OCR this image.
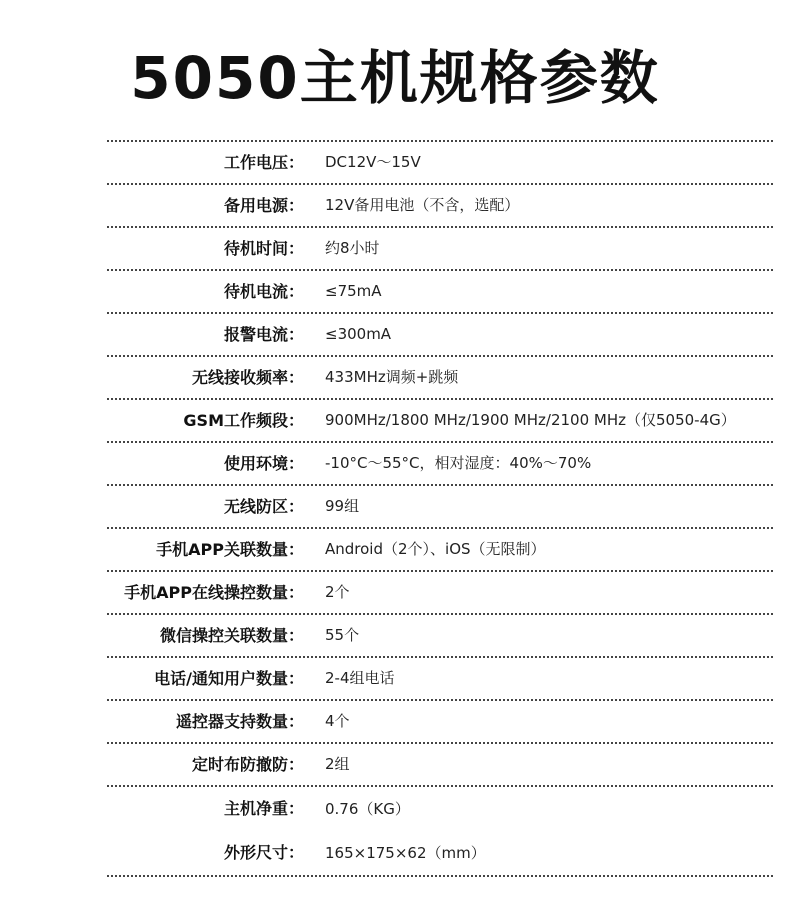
5050主机规格参数
工作电压： DC12V～15V
备用电源： 12V备用电池（不含，选配）
待机时间： 约8小时
待机电流： ≤75mA
报警电流： ≤300mA
无线接收频率： 433MHz调频+跳频
GSM工作频段： 900MHz/1800 MHz/1900 MHz/2100 MHz（仅5050-4G）
使用环境： -10°C～55°C，相对湿度：40%～70%
无线防区： 99组
手机APP关联数量： Android（2个）、iOS（无限制）
手机APP在线操控数量： 2个
微信操控关联数量： 55个
电话/通知用户数量： 2-4组电话
遥控器支持数量： 4个
定时布防撤防： 2组
主机净重： 0.76（KG）
外形尺寸： 165×175×62（mm）
